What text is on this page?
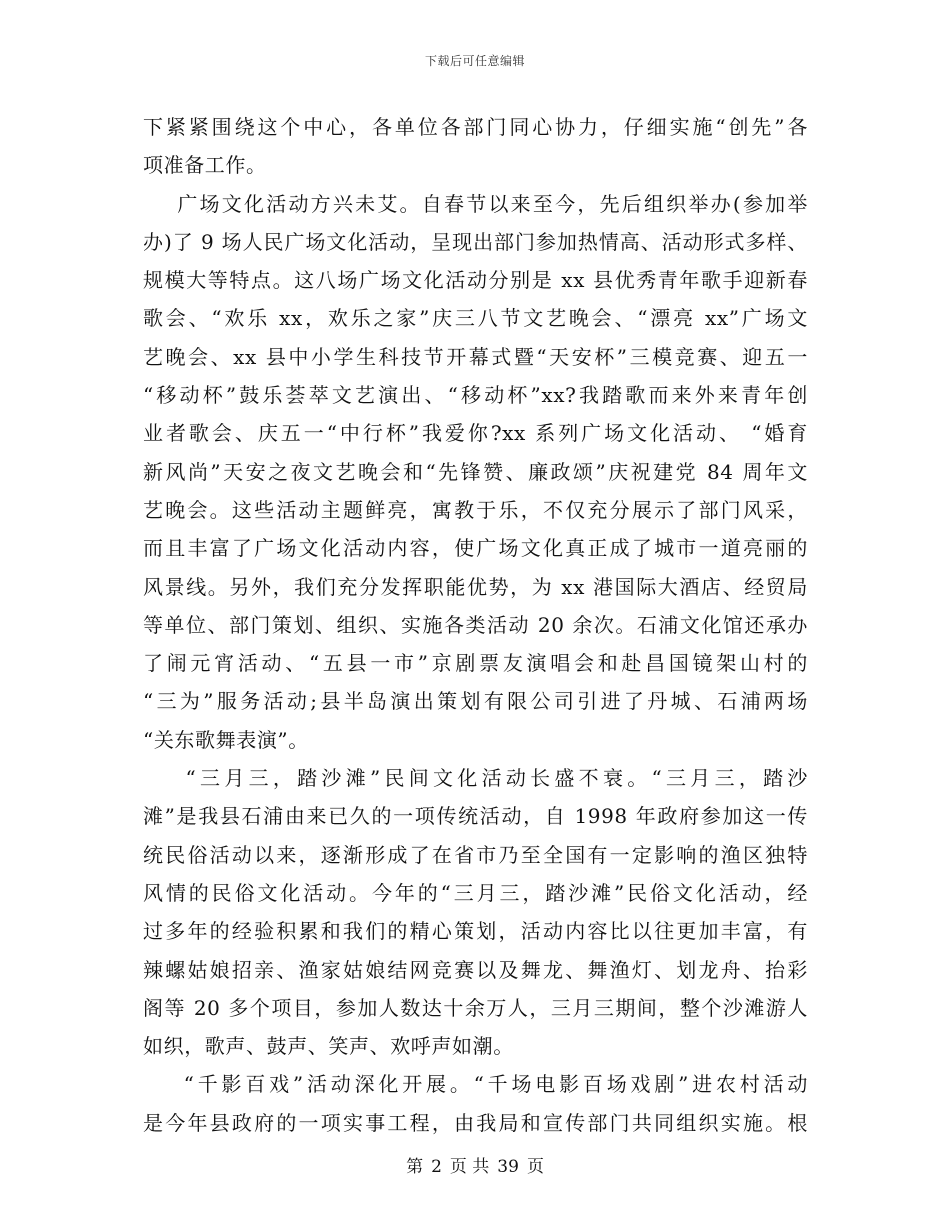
下载后可任意编辑
下紧紧围绕这个中心，各单位各部门同心协力，仔细实施“创先”各
项准备工作。
广场文化活动方兴未艾。自春节以来至今，先后组织举办(参加举
办)了 9 场人民广场文化活动，呈现出部门参加热情高、活动形式多样、
规模大等特点。这八场广场文化活动分别是 xx 县优秀青年歌手迎新春
歌会、“欢乐 xx，欢乐之家”庆三八节文艺晚会、“漂亮 xx”广场文
艺晚会、xx 县中小学生科技节开幕式暨“天安杯”三模竞赛、迎五一
“移动杯”鼓乐荟萃文艺演出、“移动杯”xx?我踏歌而来外来青年创
业者歌会、庆五一“中行杯”我爱你?xx 系列广场文化活动、 “婚育
新风尚”天安之夜文艺晚会和“先锋赞、廉政颂”庆祝建党 84 周年文
艺晚会。这些活动主题鲜亮，寓教于乐，不仅充分展示了部门风采，
而且丰富了广场文化活动内容，使广场文化真正成了城市一道亮丽的
风景线。另外，我们充分发挥职能优势，为 xx 港国际大酒店、经贸局
等单位、部门策划、组织、实施各类活动 20 余次。石浦文化馆还承办
了闹元宵活动、“五县一市”京剧票友演唱会和赴昌国镜架山村的
“三为”服务活动;县半岛演出策划有限公司引进了丹城、石浦两场
“关东歌舞表演”。
“三月三，踏沙滩”民间文化活动长盛不衰。“三月三，踏沙
滩”是我县石浦由来已久的一项传统活动，自 1998 年政府参加这一传
统民俗活动以来，逐渐形成了在省市乃至全国有一定影响的渔区独特
风情的民俗文化活动。今年的“三月三，踏沙滩”民俗文化活动，经
过多年的经验积累和我们的精心策划，活动内容比以往更加丰富，有
辣螺姑娘招亲、渔家姑娘结网竞赛以及舞龙、舞渔灯、划龙舟、抬彩
阁等 20 多个项目，参加人数达十余万人，三月三期间，整个沙滩游人
如织，歌声、鼓声、笑声、欢呼声如潮。
“千影百戏”活动深化开展。“千场电影百场戏剧”进农村活动
是今年县政府的一项实事工程，由我局和宣传部门共同组织实施。根
第 2 页 共 39 页
